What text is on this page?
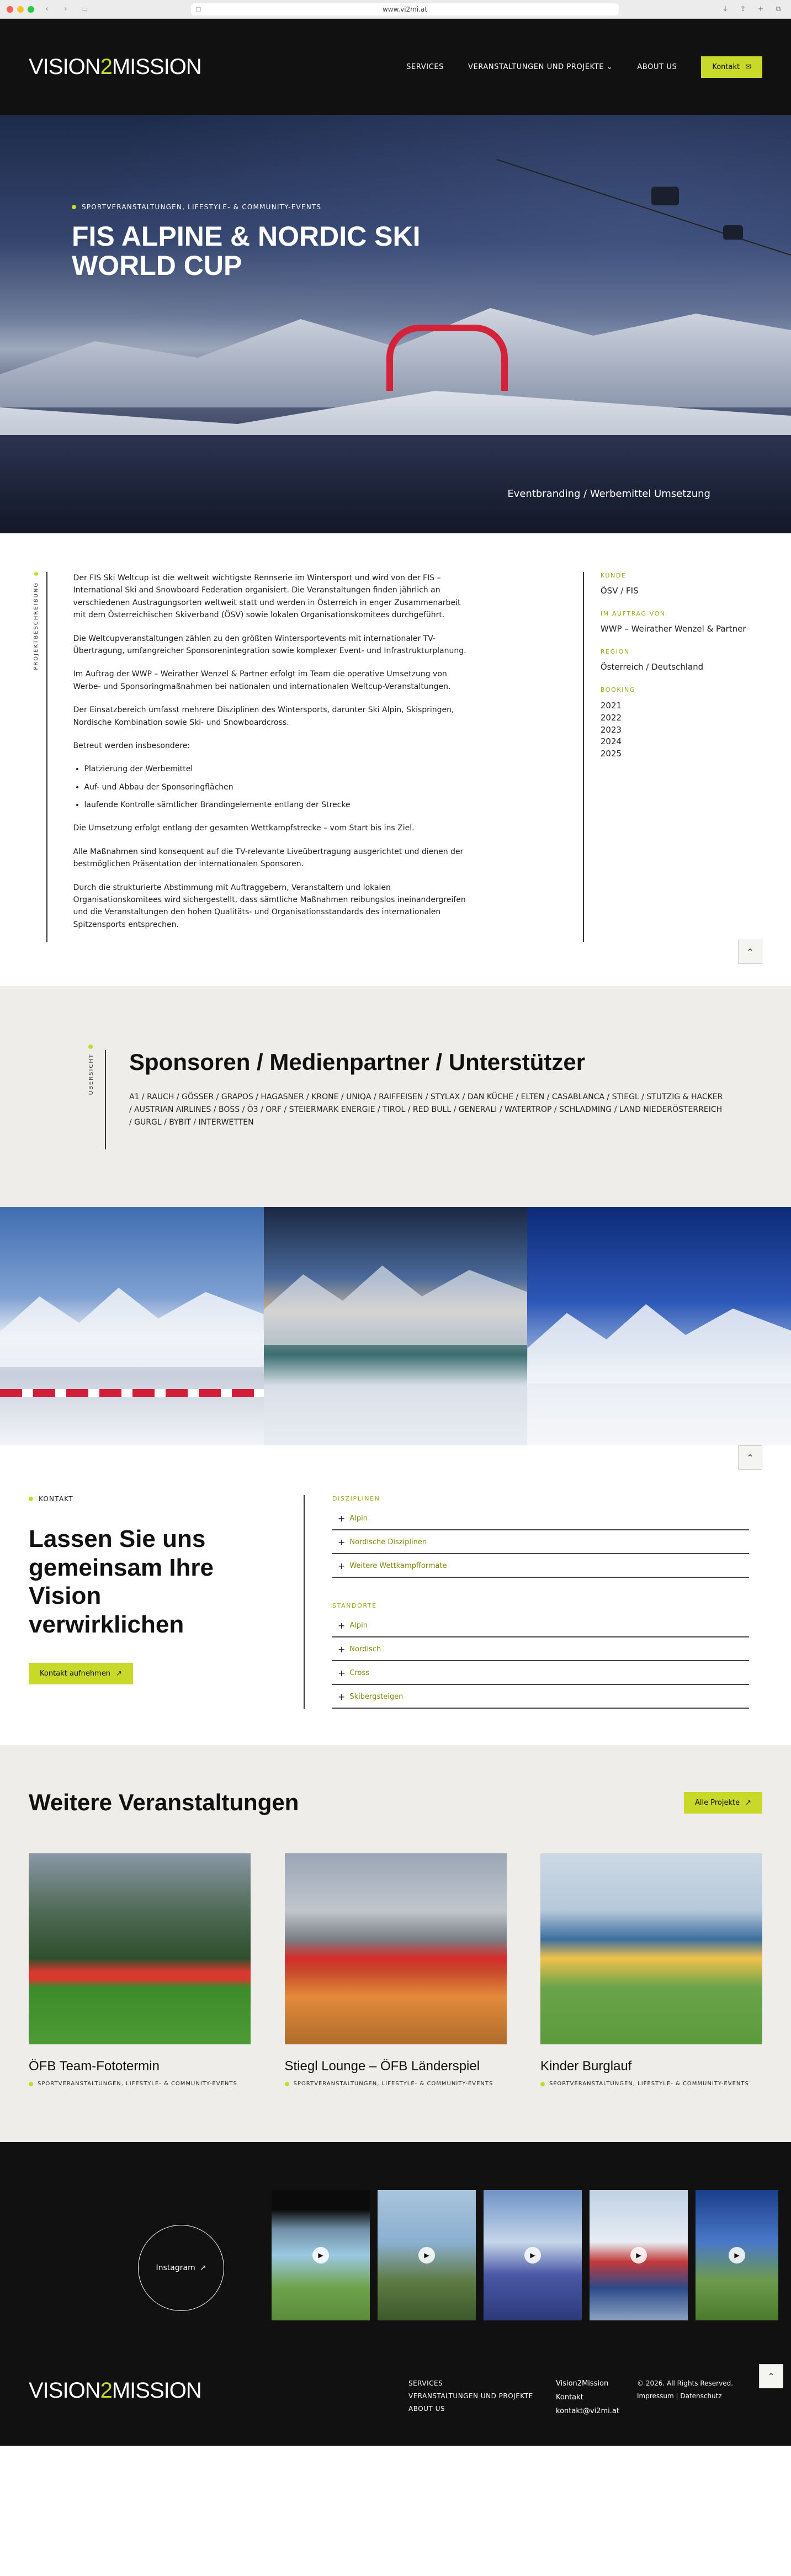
‹	›	▭	▢	www.vi2mi.at	↓	⇪	+	⧉
VISION2MISSION	SERVICES	VERANSTALTUNGEN UND PROJEKTE ⌄	ABOUT US	Kontakt ✉
SPORTVERANSTALTUNGEN, LIFESTYLE- & COMMUNITY-EVENTS
FIS ALPINE & NORDIC SKI WORLD CUP
Eventbranding / Werbemittel Umsetzung
PROJEKTBESCHREIBUNG

Der FIS Ski Weltcup ist die weltweit wichtigste Rennserie im Wintersport und wird von der FIS – International Ski and Snowboard Federation organisiert. Die Veranstaltungen finden jährlich an verschiedenen Austragungsorten weltweit statt und werden in Österreich in enger Zusammenarbeit mit dem Österreichischen Skiverband (ÖSV) sowie lokalen Organisationskomitees durchgeführt.

Die Weltcupveranstaltungen zählen zu den größten Wintersportevents mit internationaler TV-Übertragung, umfangreicher Sponsorenintegration sowie komplexer Event- und Infrastrukturplanung.

Im Auftrag der WWP – Weirather Wenzel & Partner erfolgt im Team die operative Umsetzung von Werbe- und Sponsoringmaßnahmen bei nationalen und internationalen Weltcup-Veranstaltungen.

Der Einsatzbereich umfasst mehrere Disziplinen des Wintersports, darunter Ski Alpin, Skispringen, Nordische Kombination sowie Ski- und Snowboardcross.

Betreut werden insbesondere:

• Platzierung der Werbemittel
• Auf- und Abbau der Sponsoringflächen
• laufende Kontrolle sämtlicher Brandingelemente entlang der Strecke

Die Umsetzung erfolgt entlang der gesamten Wettkampfstrecke – vom Start bis ins Ziel.

Alle Maßnahmen sind konsequent auf die TV-relevante Liveübertragung ausgerichtet und dienen der bestmöglichen Präsentation der internationalen Sponsoren.

Durch die strukturierte Abstimmung mit Auftraggebern, Veranstaltern und lokalen Organisationskomitees wird sichergestellt, dass sämtliche Maßnahmen reibungslos ineinandergreifen und die Veranstaltungen den hohen Qualitäts- und Organisationsstandards des internationalen Spitzensports entsprechen.

KUNDE
ÖSV / FIS
IM AUFTRAG VON
WWP – Weirather Wenzel & Partner
REGION
Österreich / Deutschland
BOOKING
2021
2022
2023
2024
2025
⌃
ÜBERSICHT Sponsoren / Medienpartner / Unterstützer

A1 / RAUCH / GÖSSER / GRAPOS / HAGASNER / KRONE / UNIQA / RAIFFEISEN / STYLAX / DAN KÜCHE / ELTEN / CASABLANCA / STIEGL / STUTZIG & HACKER / AUSTRIAN AIRLINES / BOSS / Ö3 / ORF / STEIERMARK ENERGIE / TIROL / RED BULL / GENERALI / WATERTROP / SCHLADMING / LAND NIEDERÖSTERREICH / GURGL / BYBIT / INTERWETTEN

KONTAKT
Lassen Sie uns gemeinsam Ihre Vision verwirklichen
Kontakt aufnehmen ↗
DISZIPLINEN
+ Alpin
+ Nordische Disziplinen
+ Weitere Wettkampfformate
STANDORTE
+ Alpin
+ Nordisch
+ Cross
+ Skibergsteigen
⌃
Weitere Veranstaltungen	Alle Projekte ↗
ÖFB Team-Fototermin
SPORTVERANSTALTUNGEN, LIFESTYLE- & COMMUNITY-EVENTS
Stiegl Lounge – ÖFB Länderspiel
SPORTVERANSTALTUNGEN, LIFESTYLE- & COMMUNITY-EVENTS
Kinder Burglauf
SPORTVERANSTALTUNGEN, LIFESTYLE- & COMMUNITY-EVENTS
Instagram ↗
▶	▶	▶	▶	▶
VISION2MISSION	SERVICES
VERANSTALTUNGEN UND PROJEKTE
ABOUT US
Vision2Mission
Kontakt
kontakt@vi2mi.at
© 2026. All Rights Reserved.
Impressum | Datenschutz
⌃
